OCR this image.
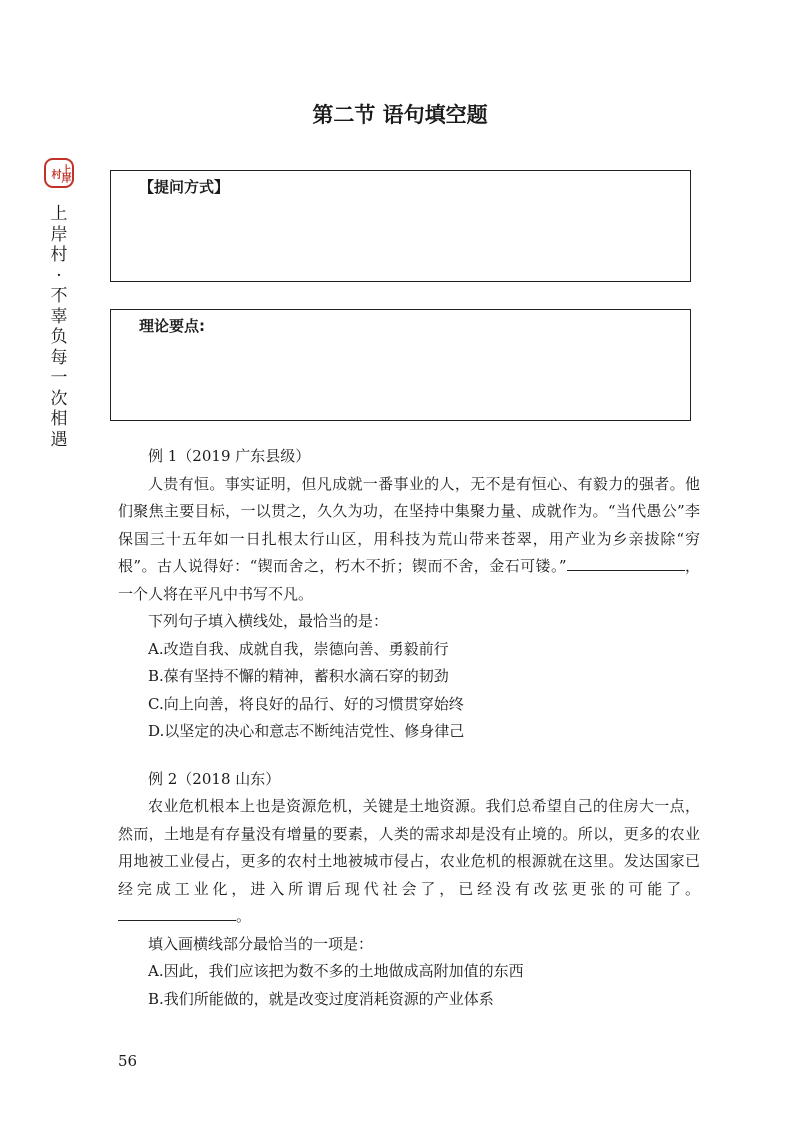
第二节 语句填空题
上岸村
上岸村·不辜负每一次相遇
【提问方式】
理论要点:

例 1（2019 广东县级）

人贵有恒。事实证明，但凡成就一番事业的人，无不是有恒心、有毅力的强者。他们聚焦主要目标，一以贯之，久久为功，在坚持中集聚力量、成就作为。“当代愚公”李保国三十五年如一日扎根太行山区，用科技为荒山带来苍翠，用产业为乡亲拔除“穷根”。古人说得好：“锲而舍之，朽木不折；锲而不舍，金石可镂。”	，一个人将在平凡中书写不凡。

下列句子填入横线处，最恰当的是：

A.改造自我、成就自我，崇德向善、勇毅前行

B.葆有坚持不懈的精神，蓄积水滴石穿的韧劲

C.向上向善，将良好的品行、好的习惯贯穿始终

D.以坚定的决心和意志不断纯洁党性、修身律己

例 2（2018 山东）

农业危机根本上也是资源危机，关键是土地资源。我们总希望自己的住房大一点，然而，土地是有存量没有增量的要素，人类的需求却是没有止境的。所以，更多的农业用地被工业侵占，更多的农村土地被城市侵占，农业危机的根源就在这里。发达国家已经完成工业化，进入所谓后现代社会了，已经没有改弦更张的可能了。。

填入画横线部分最恰当的一项是：

A.因此，我们应该把为数不多的土地做成高附加值的东西

B.我们所能做的，就是改变过度消耗资源的产业体系

56
